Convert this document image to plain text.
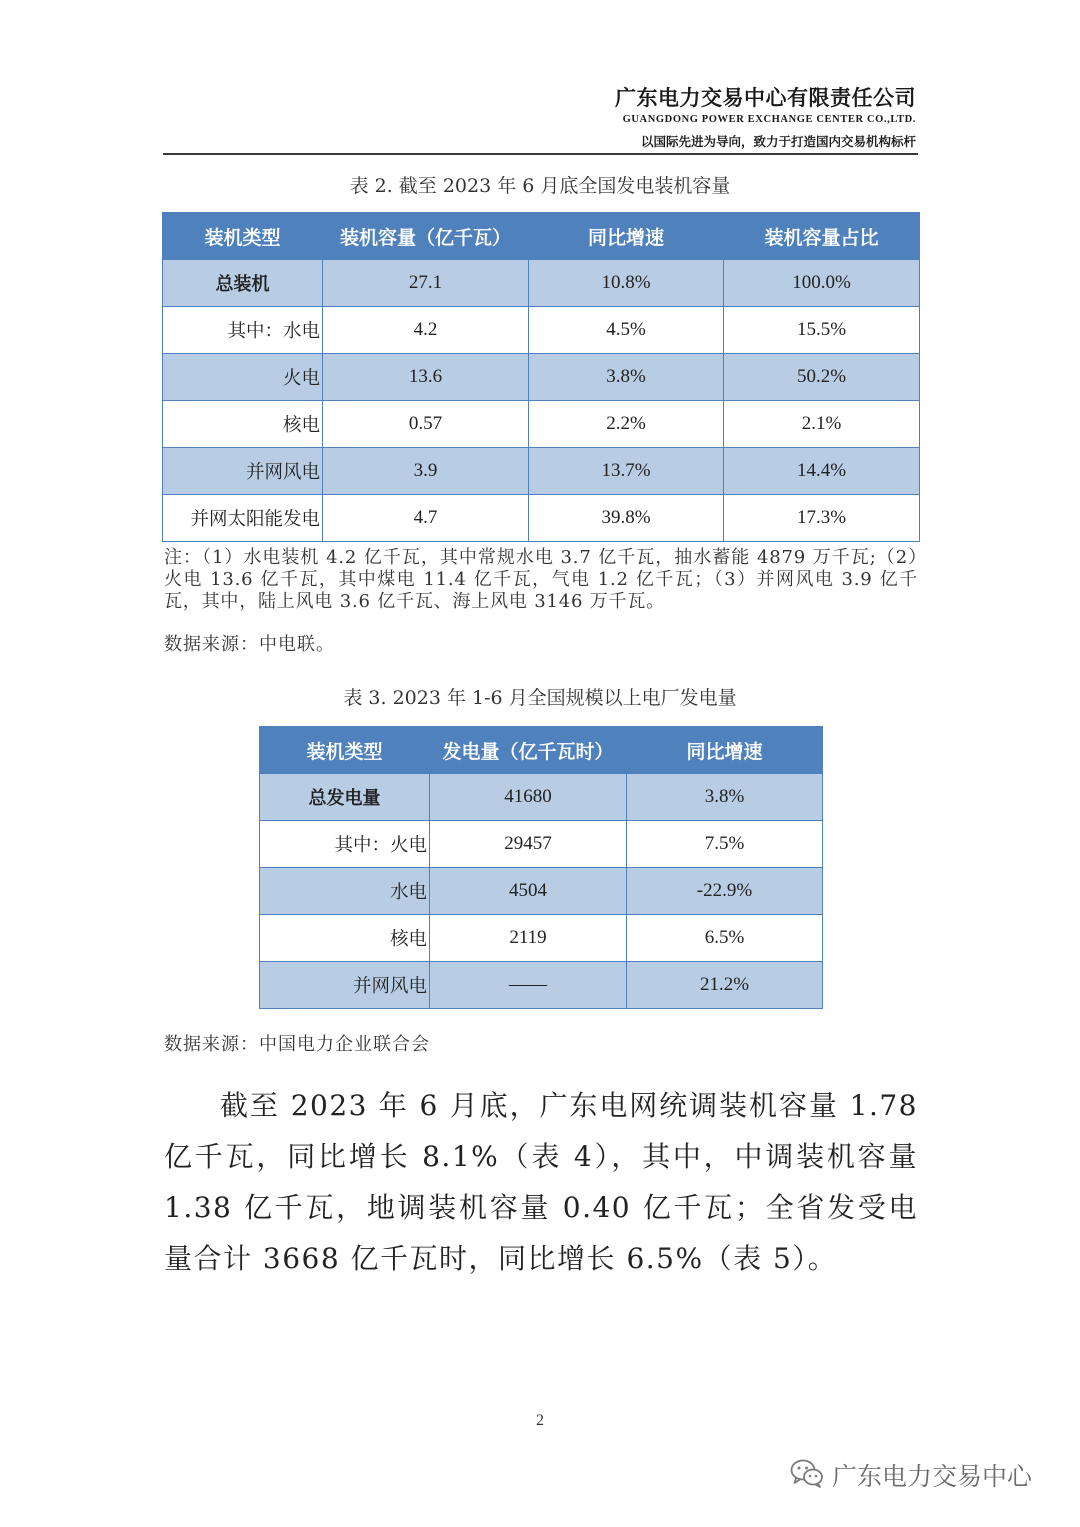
广东电力交易中心有限责任公司
GUANGDONG POWER EXCHANGE CENTER CO.,LTD.
以国际先进为导向，致力于打造国内交易机构标杆
表 2. 截至 2023 年 6 月底全国发电装机容量
装机类型	装机容量（亿千瓦）	同比增速	装机容量占比
总装机	27.1	10.8%	100.0%
其中：水电	4.2	4.5%	15.5%
火电	13.6	3.8%	50.2%
核电	0.57	2.2%	2.1%
并网风电	3.9	13.7%	14.4%
并网太阳能发电	4.7	39.8%	17.3%
注：（1）水电装机 4.2 亿千瓦，其中常规水电 3.7 亿千瓦，抽水蓄能 4879 万千瓦;（2）火电 13.6 亿千瓦，其中煤电 11.4 亿千瓦，气电 1.2 亿千瓦；（3）并网风电 3.9 亿千瓦，其中，陆上风电 3.6 亿千瓦、海上风电 3146 万千瓦。
数据来源：中电联。
表 3. 2023 年 1-6 月全国规模以上电厂发电量
装机类型	发电量（亿千瓦时）	同比增速
总发电量	41680	3.8%
其中：火电	29457	7.5%
水电	4504	-22.9%
核电	2119	6.5%
并网风电	——	21.2%
数据来源：中国电力企业联合会
截至 2023 年 6 月底，广东电网统调装机容量 1.78 亿千瓦，同比增长 8.1%（表 4），其中，中调装机容量 1.38 亿千瓦，地调装机容量 0.40 亿千瓦；全省发受电量合计 3668 亿千瓦时，同比增长 6.5%（表 5）。
2
广东电力交易中心
